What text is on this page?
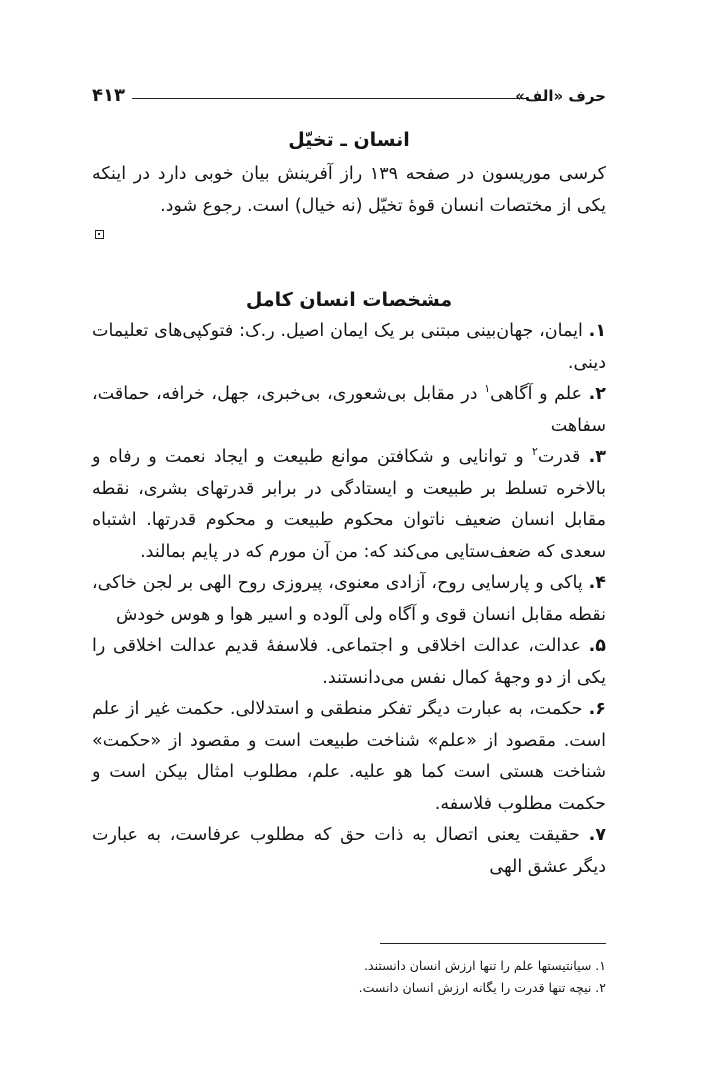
۴۱۳	حرف «الف»
انسان ـ تخیّل

کرسی موریسون در صفحه ۱۳۹ راز آفرینش بیان خوبی دارد در اینکه یکی از مختصات انسان قوهٔ تخیّل (نه خیال) است. رجوع شود.

مشخصات انسان کامل

۱. ایمان، جهان‌بینی مبتنی بر یک ایمان اصیل. ر.ک: فتوکپی‌های تعلیمات دینی.

۲. علم و آگاهی$^۱$ در مقابل بی‌شعوری، بی‌خبری، جهل، خرافه، حماقت، سفاهت

۳. قدرت$^۲$ و توانایی و شکافتن موانع طبیعت و ایجاد نعمت و رفاه و بالاخره تسلط بر طبیعت و ایستادگی در برابر قدرتهای بشری، نقطه مقابل انسان ضعیف ناتوان محکوم طبیعت و محکوم قدرتها. اشتباه سعدی که ضعف‌ستایی می‌کند که: من آن مورم که در پایم بمالند.

۴. پاکی و پارسایی روح، آزادی معنوی، پیروزی روح الهی بر لجن خاکی، نقطه مقابل انسان قوی و آگاه ولی آلوده و اسیر هوا و هوس خودش

۵. عدالت، عدالت اخلاقی و اجتماعی. فلاسفهٔ قدیم عدالت اخلاقی را یکی از دو وجههٔ کمال نفس می‌دانستند.

۶. حکمت، به عبارت دیگر تفکر منطقی و استدلالی. حکمت غیر از علم است. مقصود از «علم» شناخت طبیعت است و مقصود از «حکمت» شناخت هستی است کما هو علیه. علم، مطلوب امثال بیکن است و حکمت مطلوب فلاسفه.

۷. حقیقت یعنی اتصال به ذات حق که مطلوب عرفاست، به عبارت دیگر عشق الهی

۱. سیانتیستها علم را تنها ارزش انسان دانستند.
۲. نیچه تنها قدرت را یگانه ارزش انسان دانست.
